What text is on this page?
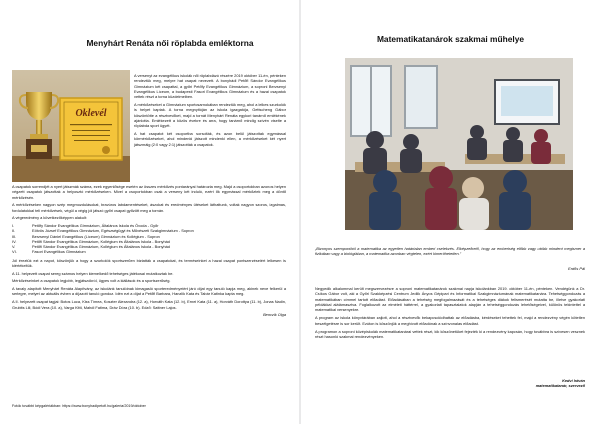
Menyhárt Renáta női röplabda emléktorna
Oklevél

A versenyt az evangélikus iskolák női röplabdázó részére 2019 október 11-én, pénteken rendeztük meg, melyre hat csapat nevezett. A bonyhádi Petőfi Sándor Evangélikus Gimnázium két csapattal, a győri Petőfy Evangélikus Gimnázium, a soproni Berzsenyi Evangélikus Líceum, a budapesti Fasori Evangélikus Gimnázium és a hazai csapatok vettek részt a torna küzdelmeiben.

A mérkőzéseket a Gimnázium sportcsarnokában rendeztük meg, ahol a lelkes szurkolók is helyet kaptak. A torna megnyitóján az iskola igazgatója, Gettscheng Gábor köszöntötte a résztvevőket, majd a tornát Menyhárt Renáta egykori tanárnő emlékének ajánlotta. Emlékezett a közös évekre és arra, hogy tanárnő mindig szívén viselte a röplabda sport ügyét.

A hat csapatot két csoportba sorsolták, és azon belül játszottak egymással körmérkőzéseket, ahol mindenki játszott mindenki ellen, a mérkőzéseket két nyert játszmáig (2:0 vagy 2:1) játszották a csapatok.

A csapatok sorrendjét a nyert játszmák száma, ezek egyenlősége esetén az összes mérkőzés pontarányai határozta meg. Majd a csoportokban azonos helyen végzett csapatok játszottak a helyosztó mérkőzéseken. Mivel a csoportokban csak a verseny két induló, ezért ők egymással mérkőztek meg a döntő mérkőzésén.

A mérkőzéseken nagyon szép megmozdulásokat, bravúros labdamentéseket, ászokat és eredményes ütéseket láthattunk, voltak nagyon szoros, izgalmas, fordulatokkal teli mérkőzések, végül a végig jól játszó győri csapat győzött meg a tornán.

A végeredmény a következőképpen alakult:

I.	Petőfy Sándor Evangélikus Gimnázium, Általános Iskola és Óvoda - Győr
II.	Eötvös József Evangélikus Gimnázium, Egészségügyi és Művészeti Szakgimnázium - Sopron
III.	Berzsenyi Dániel Evangélikus (Líceum) Gimnázium és Kollégium - Sopron
IV.	Petőfi Sándor Evangélikus Gimnázium, Kollégium és Általános Iskola - Bonyhád
V.	Petőfi Sándor Evangélikus Gimnázium, Kollégium és Általános Iskola - Bonyhád
VI.	Fasori Evangélikus Gimnázium

Jól éreztük ezt a napot, köszönjük a hogy a szurkolók sportszerűen biztatták a csapatokat, és terméseinket a hazai csapat pontszerzéseiért lelkesen is kiértékeltük.

A 11. helyezett csapat sereg számos helyen kiemelkedő tehetséges játékosai mutatkoztak be.

Mérkőzéseinket a csapatok legjobb, legjátszókról, ügyes volt a kiállások és a sportszerűség.

A tavaly alapított Menyhárt Renáta Alapítvány, az iskolánk tanulóinak kimagasló sporteredményeiért járó díjat egy tanuló kapja meg, akinek neve felkerül a serlegre, melyet az aktuális évben a díjazott tanuló gondoz. Idén ezt a díjat a Petőfi Barbara, Hanzlik Kata és Tabár Katinka kapta meg.

A II. helyezett csapat tagjai: Botos Luca, Kiss Tímea, Koszter Alexandra (12. a), Horváth Kata (12. b), Ernei Kata (11. a), Horváth Dorottya (11. b), Jonas Nadin, Grubits Lili, Bódi Vera (10. a), Varga Kitti, Mahdi Fatima, Dráv Dóra (10. b). Edző: Sattner Lajos.

Benczik Olga

Fotók további képgalériákban: https://www.bonyhadipetofi.hu/galeria/2019/oktober
Matematikatanárok szakmai műhelye

„Bizonyos szempontból a matematika az egyetlen határtalan emberi cselekvés. Elképzelhető, hogy az emberiség előbb vagy utóbb mindent megismer a fizikában vagy a biológiában, a matematika azonban végtelen, ezért kimeríthetetlen.”

Erdős Pál

Negyedik alkalommal került megszervezésre a soproni matematikatanárok szakmai napja iskolánkban 2019. október 11-én, pénteken. Vendégünk a Dr. Csíkos Gábor volt, aki a Győri Szakképzési Centrum Jedlik Ányos Gépipari és Informatikai Szakgimnáziumának matematikatanára. Tehetséggondozás a matematikában címmel tartott előadást. Előadásában a tehetség megfogalmazását és a tehetséges diákok felismerését mutatta be, illetve gyakorlati példákkal alátámasztva. Foglalkozott az elméleti háttérrel, a gyakorlati tapasztalatok alapján a tehetséggondozás lehetőségeivel, különös tekintettel a matematikai versenyekre.

A program az iskola könyvtárában zajlott, ahol a résztvevők bekapcsolódhattak az előadásba, kérdéseket tehettek fel, majd a rendezvény végén kötetlen beszélgetésre is sor került. Ezúton is köszönjük a meghívott előadónak a színvonalas előadást.

A programon a soproni középiskolák matematikatanárai vettek részt, kik köszönetüket fejezték ki a rendezvény kapcsán, hogy továbbra is szívesen vesznek részt hasonló szakmai rendezvényeken.

Kedvi István
matematikatanár, szervező
